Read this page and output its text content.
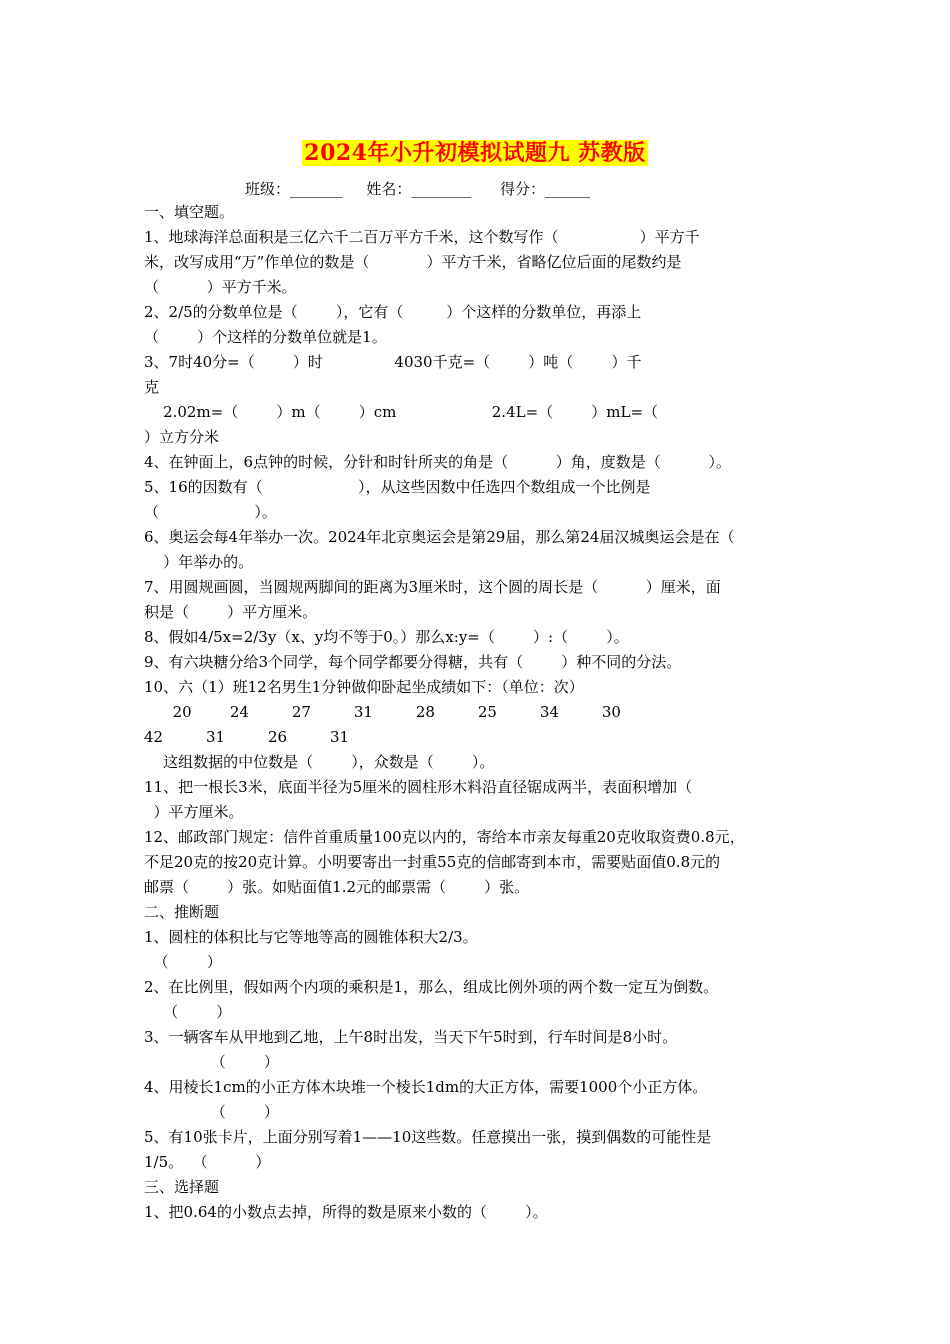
2024年小升初模拟试题九 苏教版
班级：_______     姓名：________      得分：______

一、填空题。

1、地球海洋总面积是三亿六千二百万平方千米，这个数写作（                 ）平方千

米，改写成用“万”作单位的数是（            ）平方千米，省略亿位后面的尾数约是

（          ）平方千米。

2、2/5的分数单位是（        ），它有（         ）个这样的分数单位，再添上

（        ）个这样的分数单位就是1。

3、7时40分=（        ）时               4030千克=（        ）吨（        ）千

克

2.02m=（        ）m（        ）cm                    2.4L=（        ）mL=（

）立方分米

4、在钟面上，6点钟的时候，分针和时针所夹的角是（          ）角，度数是（          ）。

5、16的因数有（                    ），从这些因数中任选四个数组成一个比例是

（                    ）。

6、奥运会每4年举办一次。2024年北京奥运会是第29届，那么第24届汉城奥运会是在（

）年举办的。

7、用圆规画圆，当圆规两脚间的距离为3厘米时，这个圆的周长是（          ）厘米，面

积是（        ）平方厘米。

8、假如4/5x=2/3y（x、y均不等于0。）那么x:y=（        ）:（        ）。

9、有六块糖分给3个同学，每个同学都要分得糖，共有（        ）种不同的分法。

10、六（1）班12名男生1分钟做仰卧起坐成绩如下：（单位：次）

20        24         27         31         28         25         34         30

42         31         26         31

这组数据的中位数是（        ），众数是（        ）。

11、把一根长3米，底面半径为5厘米的圆柱形木料沿直径锯成两半，表面积增加（

）平方厘米。

12、邮政部门规定：信件首重质量100克以内的，寄给本市亲友每重20克收取资费0.8元，

不足20克的按20克计算。小明要寄出一封重55克的信邮寄到本市，需要贴面值0.8元的

邮票（        ）张。如贴面值1.2元的邮票需（        ）张。

二、推断题

1、圆柱的体积比与它等地等高的圆锥体积大2/3。

（        ）

2、在比例里，假如两个内项的乘积是1，那么，组成比例外项的两个数一定互为倒数。

（        ）

3、一辆客车从甲地到乙地，上午8时出发，当天下午5时到，行车时间是8小时。

（        ）

4、用棱长1cm的小正方体木块堆一个棱长1dm的大正方体，需要1000个小正方体。

（        ）

5、有10张卡片，上面分别写着1——10这些数。任意摸出一张，摸到偶数的可能性是

1/5。  （          ）

三、选择题

1、把0.64的小数点去掉，所得的数是原来小数的（        ）。
